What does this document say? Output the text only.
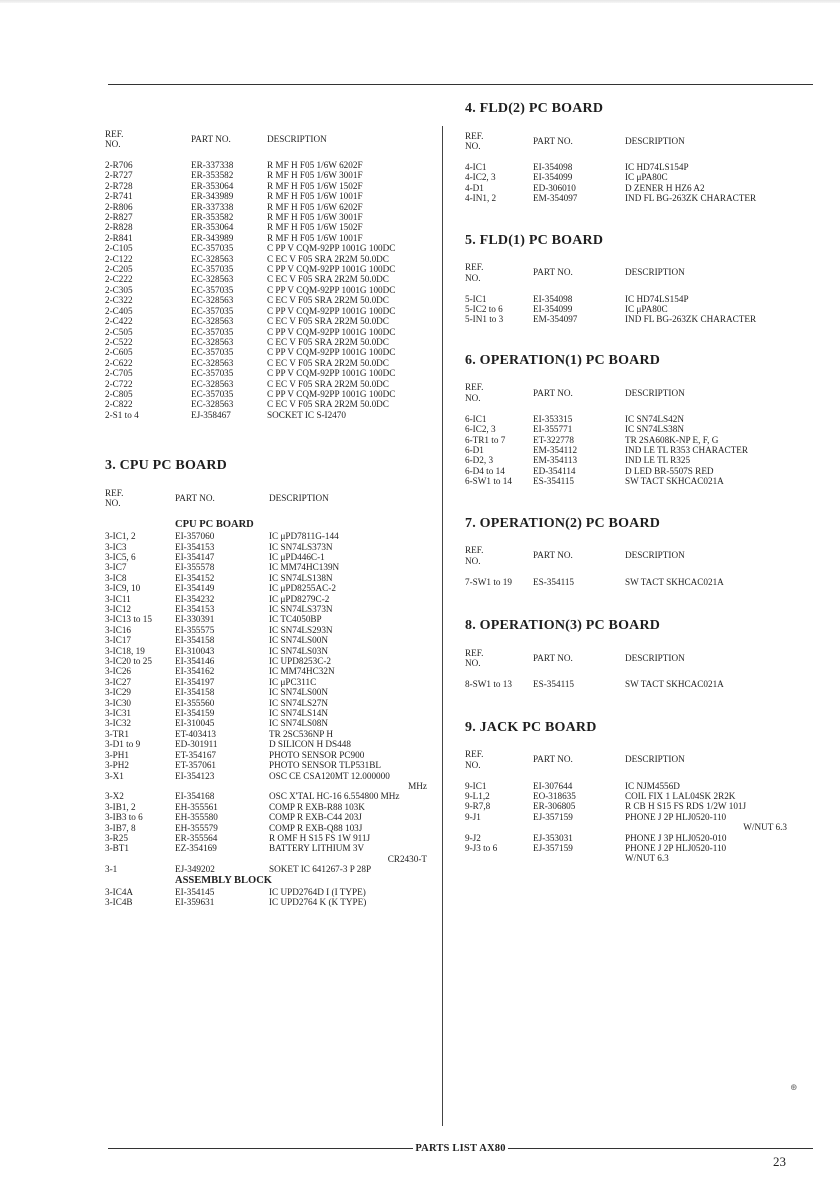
REF.
NO.
PART NO.	DESCRIPTION
2-R706	ER-337338	R MF H F05 1/6W 6202F
2-R727	ER-353582	R MF H F05 1/6W 3001F
2-R728	ER-353064	R MF H F05 1/6W 1502F
2-R741	ER-343989	R MF H F05 1/6W 1001F
2-R806	ER-337338	R MF H F05 1/6W 6202F
2-R827	ER-353582	R MF H F05 1/6W 3001F
2-R828	ER-353064	R MF H F05 1/6W 1502F
2-R841	ER-343989	R MF H F05 1/6W 1001F
2-C105	EC-357035	C PP V CQM-92PP 1001G 100DC
2-C122	EC-328563	C EC V F05 SRA 2R2M 50.0DC
2-C205	EC-357035	C PP V CQM-92PP 1001G 100DC
2-C222	EC-328563	C EC V F05 SRA 2R2M 50.0DC
2-C305	EC-357035	C PP V CQM-92PP 1001G 100DC
2-C322	EC-328563	C EC V F05 SRA 2R2M 50.0DC
2-C405	EC-357035	C PP V CQM-92PP 1001G 100DC
2-C422	EC-328563	C EC V F05 SRA 2R2M 50.0DC
2-C505	EC-357035	C PP V CQM-92PP 1001G 100DC
2-C522	EC-328563	C EC V F05 SRA 2R2M 50.0DC
2-C605	EC-357035	C PP V CQM-92PP 1001G 100DC
2-C622	EC-328563	C EC V F05 SRA 2R2M 50.0DC
2-C705	EC-357035	C PP V CQM-92PP 1001G 100DC
2-C722	EC-328563	C EC V F05 SRA 2R2M 50.0DC
2-C805	EC-357035	C PP V CQM-92PP 1001G 100DC
2-C822	EC-328563	C EC V F05 SRA 2R2M 50.0DC
2-S1 to 4	EJ-358467	SOCKET IC S-I2470
3. CPU PC BOARD
REF.
NO.
PART NO.	DESCRIPTION
CPU PC BOARD
3-IC1, 2	EI-357060	IC μPD7811G-144
3-IC3	EI-354153	IC SN74LS373N
3-IC5, 6	EI-354147	IC μPD446C-1
3-IC7	EI-355578	IC MM74HC139N
3-IC8	EI-354152	IC SN74LS138N
3-IC9, 10	EI-354149	IC μPD8255AC-2
3-IC11	EI-354232	IC μPD8279C-2
3-IC12	EI-354153	IC SN74LS373N
3-IC13 to 15	EI-330391	IC TC4050BP
3-IC16	EI-355575	IC SN74LS293N
3-IC17	EI-354158	IC SN74LS00N
3-IC18, 19	EI-310043	IC SN74LS03N
3-IC20 to 25	EI-354146	IC UPD8253C-2
3-IC26	EI-354162	IC MM74HC32N
3-IC27	EI-354197	IC μPC311C
3-IC29	EI-354158	IC SN74LS00N
3-IC30	EI-355560	IC SN74LS27N
3-IC31	EI-354159	IC SN74LS14N
3-IC32	EI-310045	IC SN74LS08N
3-TR1	ET-403413	TR 2SC536NP H
3-D1 to 9	ED-301911	D SILICON H DS448
3-PH1	ET-354167	PHOTO SENSOR PC900
3-PH2	ET-357061	PHOTO SENSOR TLP531BL
3-X1	EI-354123	OSC CE CSA120MT 12.000000
MHz
3-X2	EI-354168	OSC X'TAL HC-16 6.554800 MHz
3-IB1, 2	EH-355561	COMP R EXB-R88 103K
3-IB3 to 6	EH-355580	COMP R EXB-C44 203J
3-IB7, 8	EH-355579	COMP R EXB-Q88 103J
3-R25	ER-355564	R OMF H S15 FS 1W 911J
3-BT1	EZ-354169	BATTERY LITHIUM 3V
CR2430-T
3-1	EJ-349202	SOKET IC 641267-3 P 28P
ASSEMBLY BLOCK
3-IC4A	EI-354145	IC UPD2764D I (I TYPE)
3-IC4B	EI-359631	IC UPD2764 K (K TYPE)
4. FLD(2) PC BOARD
REF.
NO.
PART NO.	DESCRIPTION
4-IC1	EI-354098	IC HD74LS154P
4-IC2, 3	EI-354099	IC μPA80C
4-D1	ED-306010	D ZENER H HZ6 A2
4-IN1, 2	EM-354097	IND FL BG-263ZK CHARACTER
5. FLD(1) PC BOARD
REF.
NO.
PART NO.	DESCRIPTION
5-IC1	EI-354098	IC HD74LS154P
5-IC2 to 6	EI-354099	IC μPA80C
5-IN1 to 3	EM-354097	IND FL BG-263ZK CHARACTER
6. OPERATION(1) PC BOARD
REF.
NO.
PART NO.	DESCRIPTION
6-IC1	EI-353315	IC SN74LS42N
6-IC2, 3	EI-355771	IC SN74LS38N
6-TR1 to 7	ET-322778	TR 2SA608K-NP E, F, G
6-D1	EM-354112	IND LE TL R353 CHARACTER
6-D2, 3	EM-354113	IND LE TL R325
6-D4 to 14	ED-354114	D LED BR-5507S RED
6-SW1 to 14	ES-354115	SW TACT SKHCAC021A
7. OPERATION(2) PC BOARD
REF.
NO.
PART NO.	DESCRIPTION
7-SW1 to 19	ES-354115	SW TACT SKHCAC021A
8. OPERATION(3) PC BOARD
REF.
NO.
PART NO.	DESCRIPTION
8-SW1 to 13	ES-354115	SW TACT SKHCAC021A
9. JACK PC BOARD
REF.
NO.
PART NO.	DESCRIPTION
9-IC1	EI-307644	IC NJM4556D
9-L1,2	EO-318635	COIL FIX 1 LAL04SK 2R2K
9-R7,8	ER-306805	R CB H S15 FS RDS 1/2W 101J
9-J1	EJ-357159	PHONE J 2P HLJ0520-110
W/NUT 6.3
9-J2	EJ-353031	PHONE J 3P HLJ0520-010
9-J3 to 6	EJ-357159	PHONE J 2P HLJ0520-110
W/NUT 6.3
PARTS LIST AX80
23
⊛
